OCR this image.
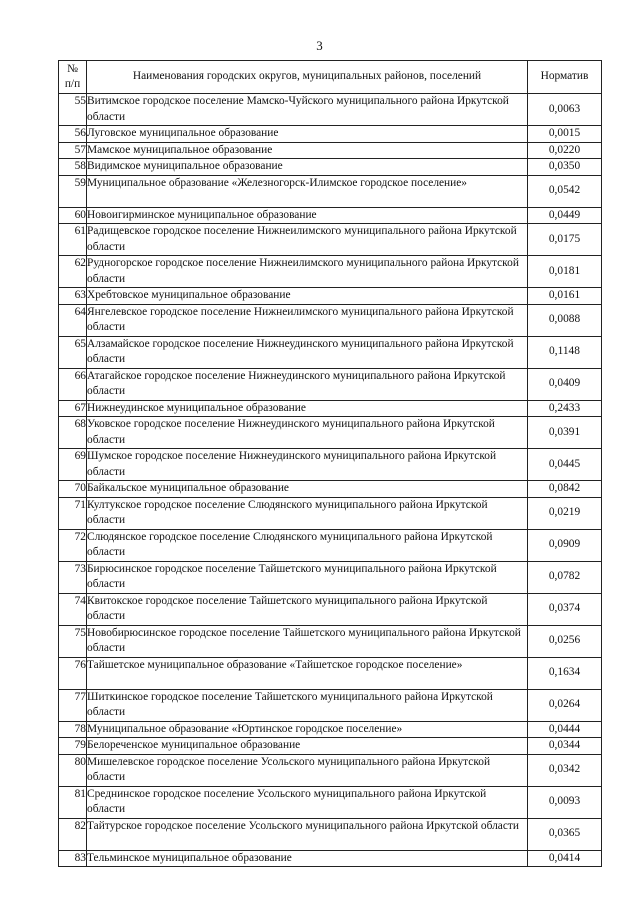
3
№
п/п	Наименования городских округов, муниципальных районов, поселений	Норматив
55	Витимское городское поселение Мамско-Чуйского муниципального района Иркутской области	0,0063
56	Луговское муниципальное образование	0,0015
57	Мамское муниципальное образование	0,0220
58	Видимское муниципальное образование	0,0350
59	Муниципальное образование «Железногорск-Илимское городское поселение»	0,0542
60	Новоигирминское муниципальное образование	0,0449
61	Радищевское городское поселение Нижнеилимского муниципального района Иркутской области	0,0175
62	Рудногорское городское поселение Нижнеилимского муниципального района Иркутской области	0,0181
63	Хребтовское муниципальное образование	0,0161
64	Янгелевское городское поселение Нижнеилимского муниципального района Иркутской области	0,0088
65	Алзамайское городское поселение Нижнеудинского муниципального района Иркутской области	0,1148
66	Атагайское городское поселение Нижнеудинского муниципального района Иркутской области	0,0409
67	Нижнеудинское муниципальное образование	0,2433
68	Уковское городское поселение Нижнеудинского муниципального района Иркутской области	0,0391
69	Шумское городское поселение Нижнеудинского муниципального района Иркутской области	0,0445
70	Байкальское муниципальное образование	0,0842
71	Култукское городское поселение Слюдянского муниципального района Иркутской области	0,0219
72	Слюдянское городское поселение Слюдянского муниципального района Иркутской области	0,0909
73	Бирюсинское городское поселение Тайшетского муниципального района Иркутской области	0,0782
74	Квитокское городское поселение Тайшетского муниципального района Иркутской области	0,0374
75	Новобирюсинское городское поселение Тайшетского муниципального района Иркутской области	0,0256
76	Тайшетское муниципальное образование «Тайшетское городское поселение»	0,1634
77	Шиткинское городское поселение Тайшетского муниципального района Иркутской области	0,0264
78	Муниципальное образование «Юртинское городское поселение»	0,0444
79	Белореченское муниципальное образование	0,0344
80	Мишелевское городское поселение Усольского муниципального района Иркутской области	0,0342
81	Среднинское городское поселение Усольского муниципального района Иркутской области	0,0093
82	Тайтурское городское поселение Усольского муниципального района Иркутской области	0,0365
83	Тельминское муниципальное образование	0,0414
